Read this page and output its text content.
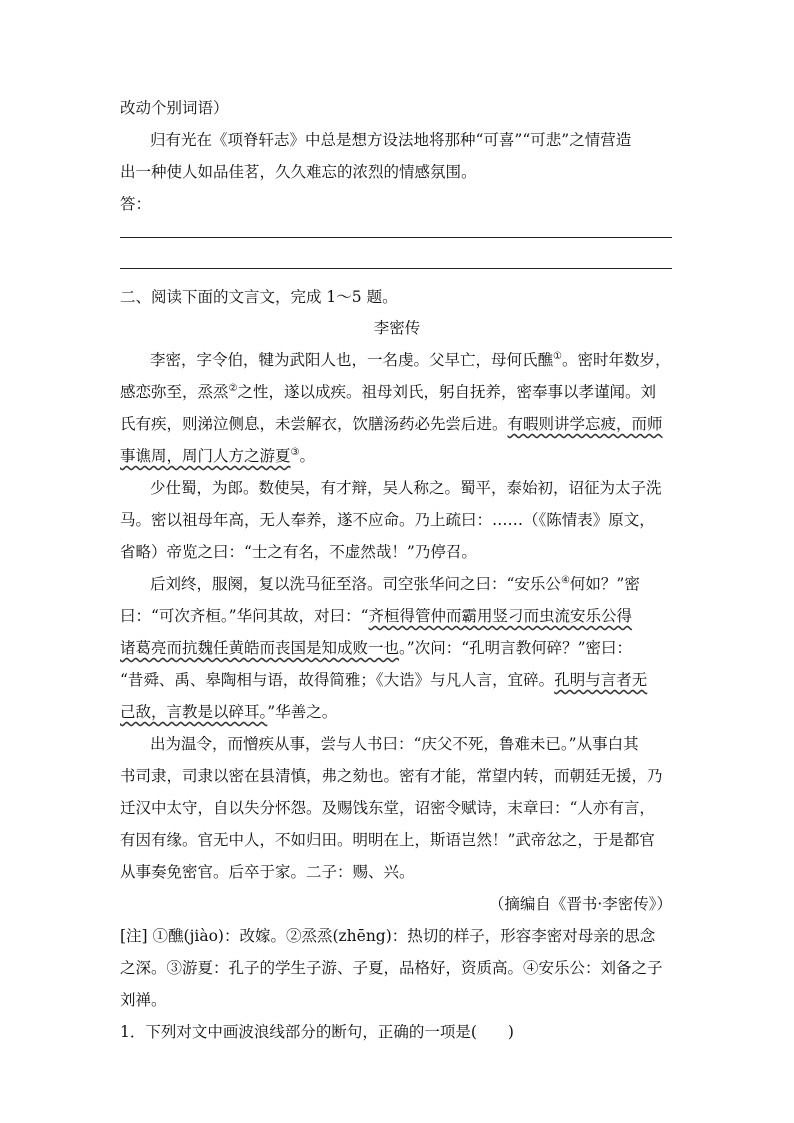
改动个别词语）
归有光在《项脊轩志》中总是想方设法地将那种“可喜”“可悲”之情营造
出一种使人如品佳茗，久久难忘的浓烈的情感氛围。
答：
二、阅读下面的文言文，完成 1～5 题。
李密传
李密，字令伯，犍为武阳人也，一名虔。父早亡，母何氏醮①。密时年数岁，
感恋弥至，烝烝②之性，遂以成疾。祖母刘氏，躬自抚养，密奉事以孝谨闻。刘
氏有疾，则涕泣侧息，未尝解衣，饮膳汤药必先尝后进。有暇则讲学忘疲，而师
事谯周，周门人方之游夏③。
少仕蜀，为郎。数使吴，有才辩，吴人称之。蜀平，泰始初，诏征为太子洗
马。密以祖母年高，无人奉养，遂不应命。乃上疏曰：……（《陈情表》原文，
省略）帝览之曰：“士之有名，不虚然哉！”乃停召。
后刘终，服阕，复以洗马征至洛。司空张华问之曰：“安乐公④何如？”密
曰：“可次齐桓。”华问其故，对曰：“齐桓得管仲而霸用竖刁而虫流安乐公得
诸葛亮而抗魏任黄皓而丧国是知成败一也。”次问：“孔明言教何碎？”密曰：
“昔舜、禹、皋陶相与语，故得简雅；《大诰》与凡人言，宜碎。孔明与言者无
己敌，言教是以碎耳。”华善之。
出为温令，而憎疾从事，尝与人书曰：“庆父不死，鲁难未已。”从事白其
书司隶，司隶以密在县清慎，弗之劾也。密有才能，常望内转，而朝廷无援，乃
迁汉中太守，自以失分怀怨。及赐饯东堂，诏密令赋诗，末章曰：“人亦有言，
有因有缘。官无中人，不如归田。明明在上，斯语岂然！”武帝忿之，于是都官
从事奏免密官。后卒于家。二子：赐、兴。
（摘编自《晋书·李密传》）
[注] ①醮(jiào)：改嫁。②烝烝(zhēng)：热切的样子，形容李密对母亲的思念
之深。③游夏：孔子的学生子游、子夏，品格好，资质高。④安乐公：刘备之子
刘禅。
1．下列对文中画波浪线部分的断句，正确的一项是(　　)
